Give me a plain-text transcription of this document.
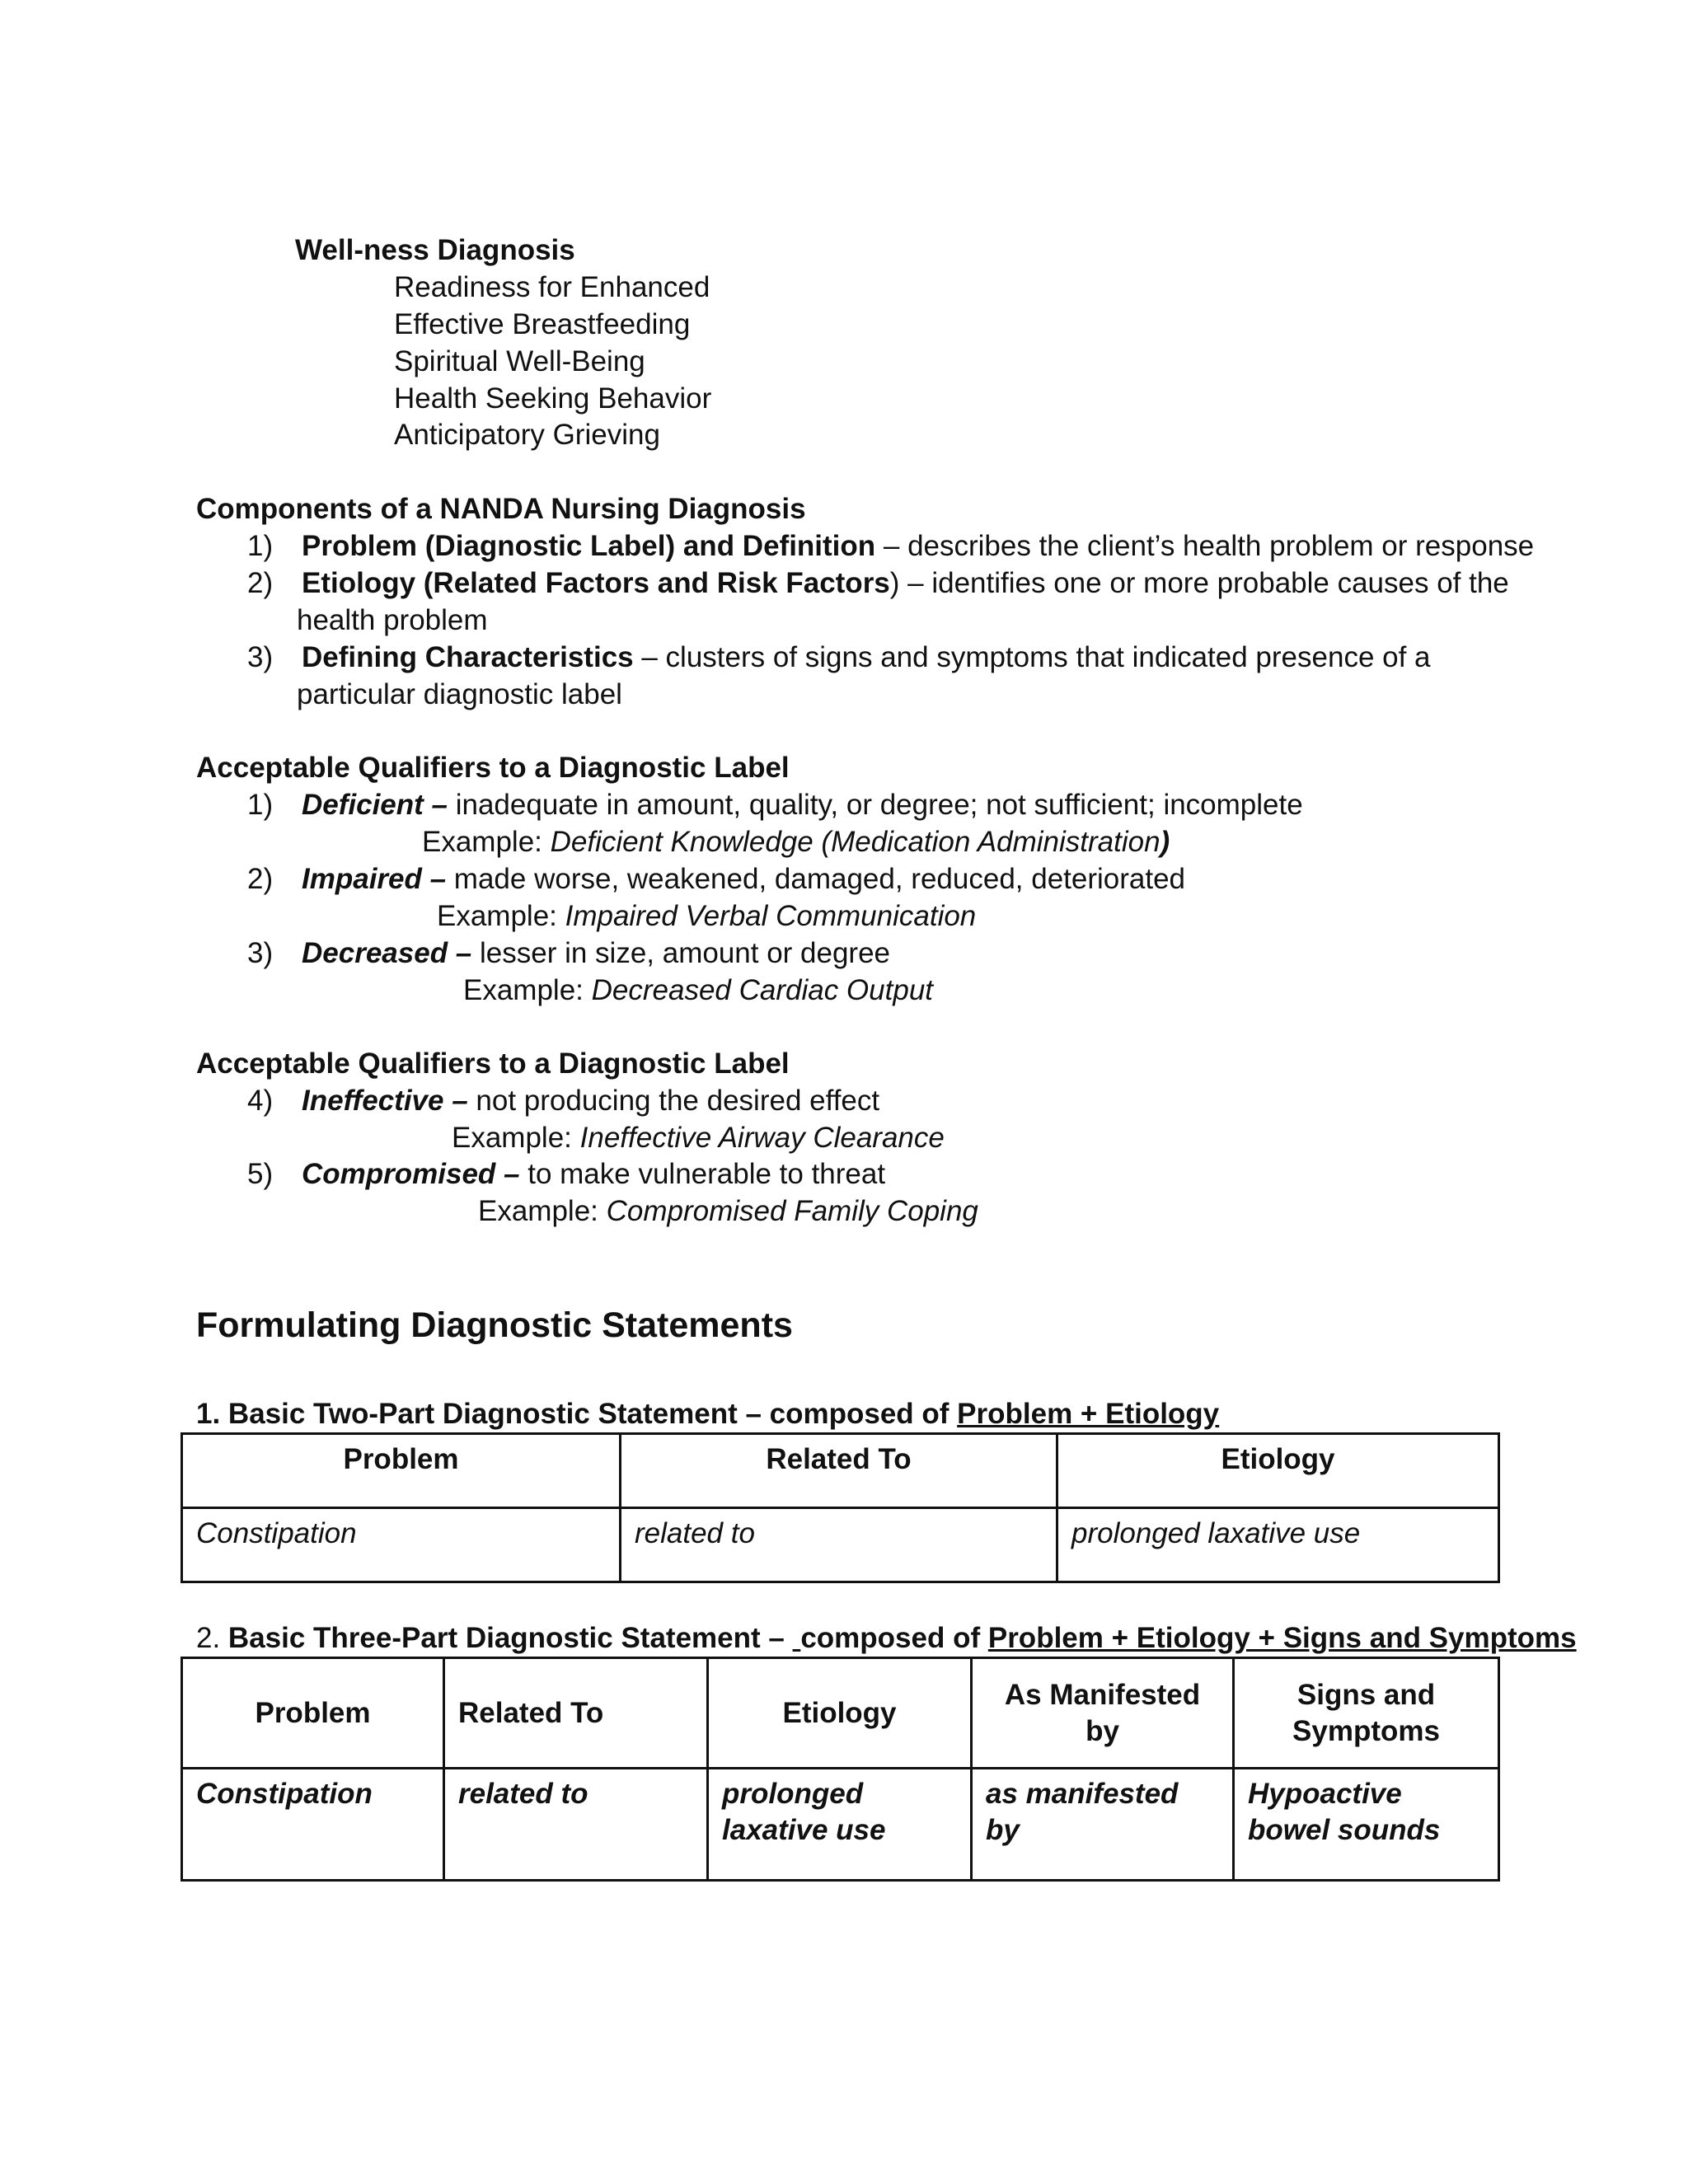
Well-ness Diagnosis
Readiness for Enhanced
Effective Breastfeeding
Spiritual Well-Being
Health Seeking Behavior
Anticipatory Grieving
Components of a NANDA Nursing Diagnosis
1) Problem (Diagnostic Label) and Definition – describes the client’s health problem or response
2) Etiology (Related Factors and Risk Factors) – identifies one or more probable causes of the
health problem
3) Defining Characteristics – clusters of signs and symptoms that indicated presence of a
particular diagnostic label
Acceptable Qualifiers to a Diagnostic Label
1) Deficient – inadequate in amount, quality, or degree; not sufficient; incomplete
Example: Deficient Knowledge (Medication Administration)
2) Impaired – made worse, weakened, damaged, reduced, deteriorated
Example: Impaired Verbal Communication
3) Decreased – lesser in size, amount or degree
Example: Decreased Cardiac Output
Acceptable Qualifiers to a Diagnostic Label
4) Ineffective – not producing the desired effect
Example: Ineffective Airway Clearance
5) Compromised – to make vulnerable to threat
Example: Compromised Family Coping
Formulating Diagnostic Statements
1. Basic Two-Part Diagnostic Statement – composed of Problem + Etiology
Problem	Related To	Etiology
Constipation	related to	prolonged laxative use
2. Basic Three-Part Diagnostic Statement –  composed of Problem + Etiology + Signs and Symptoms
Problem	Related To	Etiology	As Manifested by	Signs and Symptoms
Constipation	related to	prolonged laxative use	as manifested by	Hypoactive bowel sounds
